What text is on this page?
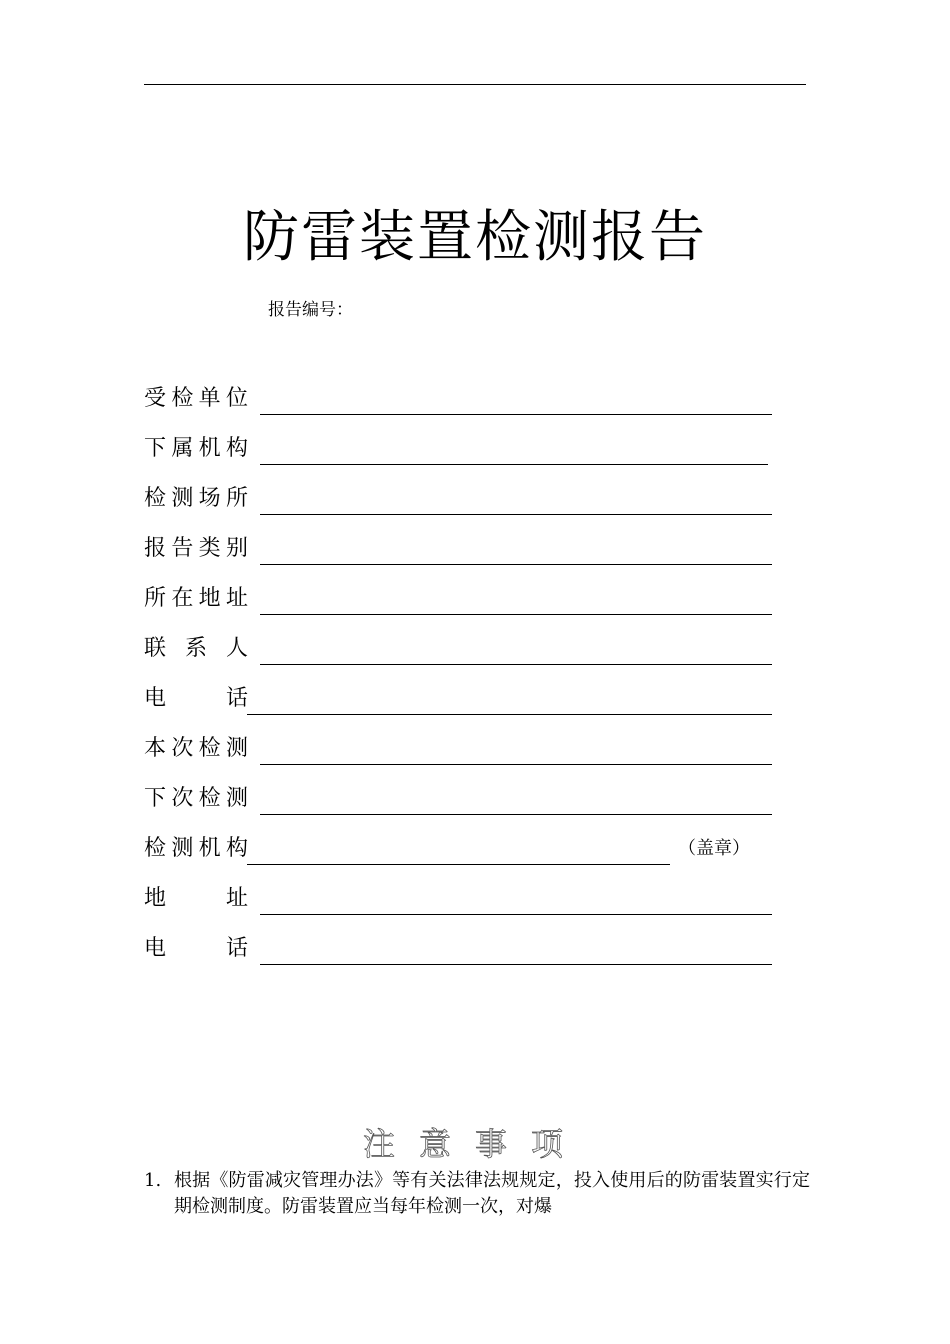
防雷装置检测报告
报告编号：
受检单位
下属机构
检测场所
报告类别
所在地址
联系人
电话
本次检测
下次检测
检测机构	（盖章）
地址
电话
注意事项
1. 根据《防雷减灾管理办法》等有关法律法规规定，投入使用后的防雷装置实行定期检测制度。防雷装置应当每年检测一次，对爆
